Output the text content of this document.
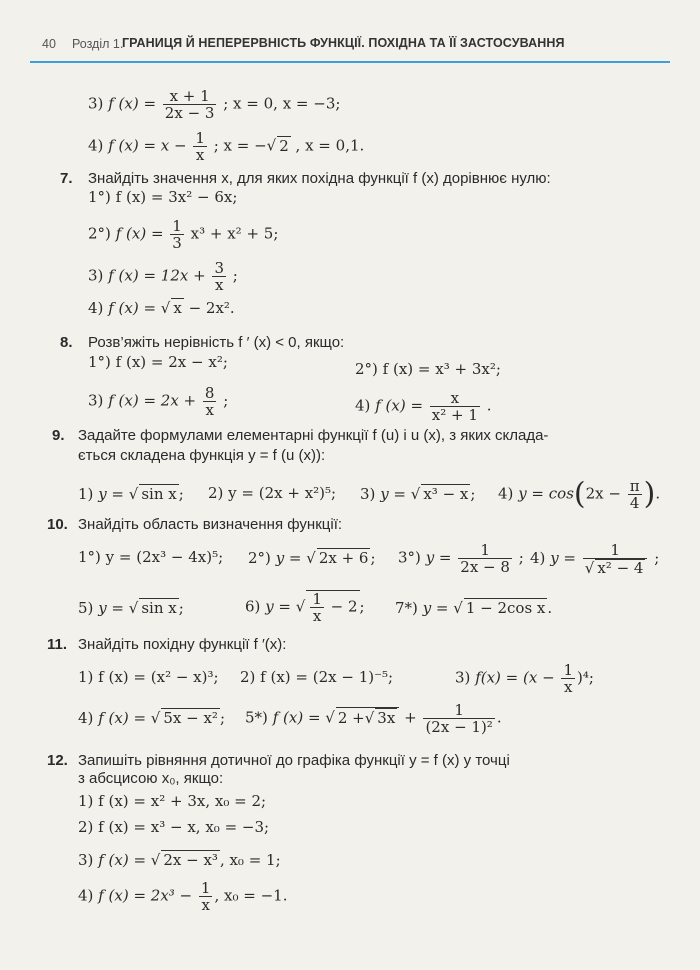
40 Розділ 1.
ГРАНИЦЯ Й НЕПЕРЕРВНІСТЬ ФУНКЦІЇ. ПОХІДНА ТА ЇЇ ЗАСТОСУВАННЯ
3) f $(x) = \frac{x + 1}{2x - 3}$ ; x = 0, x = −3;
4) f $(x) = x - \frac{1}{x}$ ; x = −√ 2 , x = 0,1.
7. Знайдіть значення x, для яких похідна функції f (x) дорівнює нулю:
1°) f (x) = 3x² − 6x;
2°) f $(x) = \frac{1}{3} x^3 + x^2 + 5$;
3) f $(x) = 12x + \frac{3}{x}$ ;
4) f (x) = √ x − 2x².
8. Розв’яжіть нерівність f ′ (x) < 0, якщо:
1°) f (x) = 2x − x²;	2°) f (x) = x³ + 3x²;
3) f $(x) = 2x + \frac{8}{x}$ ;	4) f $(x) = \frac{x}{\text{x² + 1}}$ .
9. Задайте формулами елементарні функції f (u) і u (x), з яких склада-
ється складена функція y = f (u (x)):
1) y = √ sin x ; 2) y = (2x + x²)⁵; 3) y = √ x³ − x ; 4) $y = \cos(2x - \frac{\pi}{4}$ ).
10. Знайдіть область визначення функції:
1°) y = (2x³ − 4x)⁵; 2°) y = √ 2x + 6 ; 3°) $y = \frac{1}{2x - 8}$ ; 4) $y = \frac{1}{\text{√ x² − 4}}$ ;
5) y = √ sin x ;	6) y = √ $\frac{1}{x} - 2$ ; 7*) y = √ 1 − 2cos x .
11. Знайдіть похідну функції f ′(x):
1) f (x) = (x² − x)³; 2) f (x) = (2x − 1)⁻⁵;	3) $f(x) = (x - \frac{1}{x} )^4$;
4) f (x) = √ 5x − x² ; 5*) f (x) = √ 2 +√ $3x + \frac{1}{\text{(2x − 1)²}}$ .
12. Запишіть рівняння дотичної до графіка функції y = f (x) у точці
з абсцисою x₀, якщо:
1) f (x) = x² + 3x, x₀ = 2;
2) f (x) = x³ − x, x₀ = −3;
3) f (x) = √ 2x − x³ , x₀ = 1;
4) f $(x) = 2x^3 - \frac{1}{x}$ , x₀ = −1.
